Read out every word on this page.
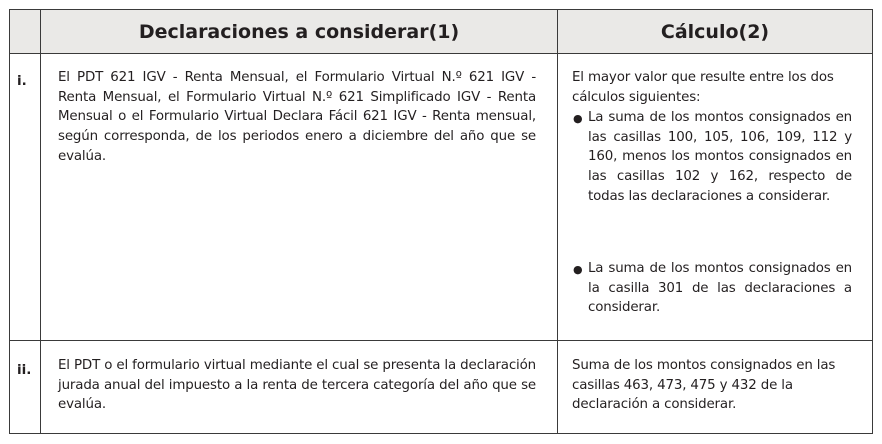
Declaraciones a considerar(1)	Cálculo(2)
i. El PDT 621 IGV - Renta Mensual, el Formulario Virtual N.º 621 IGV - Renta Mensual, el Formulario Virtual N.º 621 Simplificado IGV - Renta Mensual o el Formulario Virtual Declara Fácil 621 IGV - Renta mensual, según corresponda, de los periodos enero a diciembre del año que se evalúa.
El mayor valor que resulte entre los dos cálculos siguientes:
● La suma de los montos consignados en las casillas 100, 105, 106, 109, 112 y 160, menos los montos consignados en las casillas 102 y 162, respecto de todas las declaraciones a considerar.
● La suma de los montos consignados en la casilla 301 de las declaraciones a considerar.
ii. El PDT o el formulario virtual mediante el cual se presenta la declaración jurada anual del impuesto a la renta de tercera categoría del año que se evalúa.
Suma de los montos consignados en las casillas 463, 473, 475 y 432 de la declaración a considerar.
